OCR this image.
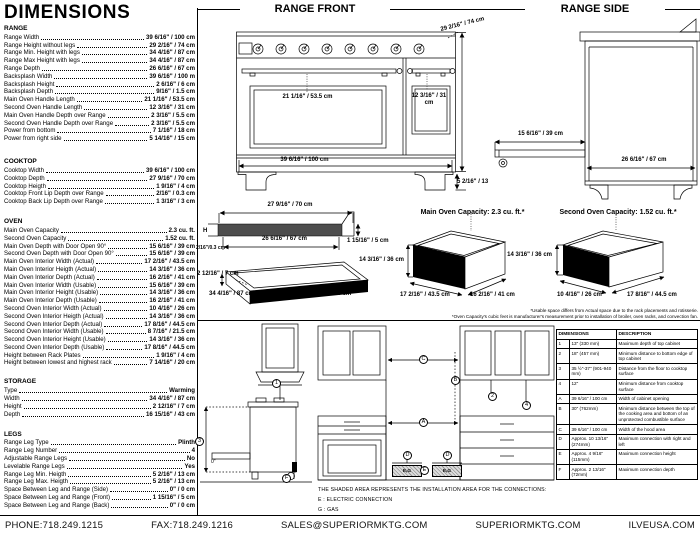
DIMENSIONS
RANGE
Range Width	39 6/16" / 100 cm
Range Height without legs	29 2/16" / 74 cm
Range Min. Height with legs	34 4/16" / 87 cm
Range Max Height with legs	34 4/16" / 87 cm
Range Depth	26 6/16" / 67 cm
Backsplash Width	39 6/16" / 100 m
Backsplash Height	2 6/16" / 6 cm
Backsplash Depth	9/16" / 1.5 cm
Main Oven Handle Length	21 1/16" / 53.5 cm
Second Oven Handle Length	12 3/16" / 31 cm
Main Oven Handle Depth over Range	2 3/16" / 5.5 cm
Second Oven Handle Depth over Range	2 3/16" / 5.5 cm
Power from bottom	7 1/16" / 18 cm
Power from right side	5 14/16" / 15 cm
COOKTOP
Cooktop Width	39 6/16" / 100 cm
Cooktop Depth	27 9/16" / 70 cm
Cooktop Heigth	1 9/16" / 4 cm
Cooktop Front Lip Depth over Range	2/16" / 0.3 cm
Cooktop Back Lip Depth over Range	1 3/16" / 3 cm
OVEN
Main Oven Capacity	2.3 cu. ft.
Second Oven Capacity	1.52 cu. ft.
Main Oven Depth with Door Open 90°	15 6/16" / 39 cm
Second Oven Depth with Door Open 90°	15 6/16" / 39 cm
Main Oven Interior Width (Actual)	17 2/16" / 43.5 cm
Main Oven Interior Heigth (Actual)	14 3/16" / 36 cm
Main Oven Interior Depth (Actual)	16 2/16" / 41 cm
Main Oven Interior Width (Usable)	15 6/16" / 39 cm
Main Oven Interior Height (Usable)	14 3/16" / 36 cm
Main Oven Interior Depth (Usable)	16 2/16" / 41 cm
Second Oven Interior Width (Actual)	10 4/16" / 26 cm
Second Oven Interior Heigth (Actual)	14 3/16" / 36 cm
Second Oven Interior Depth (Actual)	17 8/16" / 44.5 cm
Second Oven Interior Width (Usable)	8 7/16" / 21.5 cm
Second Oven Interior Height (Usable)	14 3/16" / 36 cm
Second Oven Interior Depth (Usable)	17 8/16" / 44.5 cm
Height between Rack Plates	1 9/16" / 4 cm
Height between lowest and highest rack	7 14/16" / 20 cm
STORAGE
Type	Warming
Width	34 4/16" / 87 cm
Height	2 12/16" / 7 cm
Depth	16 15/16" / 43 cm
LEGS
Range Leg Type	Plinth
Range Leg Number	4
Adjustable Range Legs	No
Levelable Range Legs	Yes
Range Leg Min. Heigth	5 2/16" / 13 cm
Range Leg Max. Heigth	5 2/16" / 13 cm
Space Between Leg and Range (Side)	0" / 0 cm
Space Between Leg and Range (Front)	1 15/16" / 5 cm
Space Between Leg and Range (Back)	0" / 0 cm
RANGE FRONT	RANGE SIDE
29 2/16" / 74 cm
21 1/16" / 53.5 cm	12 3/16" / 31 cm
39 6/16" / 100 cm
5 2/16" / 13
15 6/16" / 39 cm
26 6/16" / 67 cm
27 9/16" / 70 cm
26 6/16" / 67 cm	1 15/16" / 5 cm
H
2/16"/0.3 cm
2 12/16" / 7 cm
34 4/16" / 87 cm	16 15/16" / 43 cm
Main Oven Capacity: 2.3 cu. ft.*
14 3/16" / 36 cm
17 2/16" / 43.5 cm	16 2/16" / 41 cm
Second Oven Capacity: 1.52 cu. ft.*
14 3/16" / 36 cm
10 4/16" / 26 cm	17 8/16" / 44.5 cm
*Usable space differs from Actual space due to the rack placements and rotisserie.
*Oven Capacity's cubic feet is manufacturer's measurement prior to installation of broiler, oven racks, and convection fan.
0"
E,G	E,G
1
2
3
4
A
B
C
D	D
E
F
THE SHADED AREA REPRESENTS THE INSTALLATION AREA FOR THE CONNECTIONS:
E : ELECTRIC CONNECTION
G : GAS
DIMENSIONS		DESCRIPTION
1	13" (330 mm)	Maximum depth of top cabinet
2	18" (457 mm)	Minimum distance to bottom edge of top cabinet
3	35 ½"-37" (901-940 mm)	Distance from the floor to cooktop surface
4	12"	Minimum distance from cooktop surface
A	39 6/16" / 100 cm	Width of cabinet opening
B	30" (762mm)	Minimum distance between the top of the cooking area and bottom of an unprotected combustible surface
C	39 6/16" / 100 cm	Width of the hood area
D	Approx. 10 13/16" (274mm)	Maximum connection with right and left
E	Approx. 4 9/16" (115mm)	Maximum connection height
F	Approx. 2 13/16" (72mm)	Maximum connection depth
PHONE:718.249.1215	FAX:718.249.1216	SALES@SUPERIORMKTG.COM	SUPERIORMKTG.COM	ILVEUSA.COM
